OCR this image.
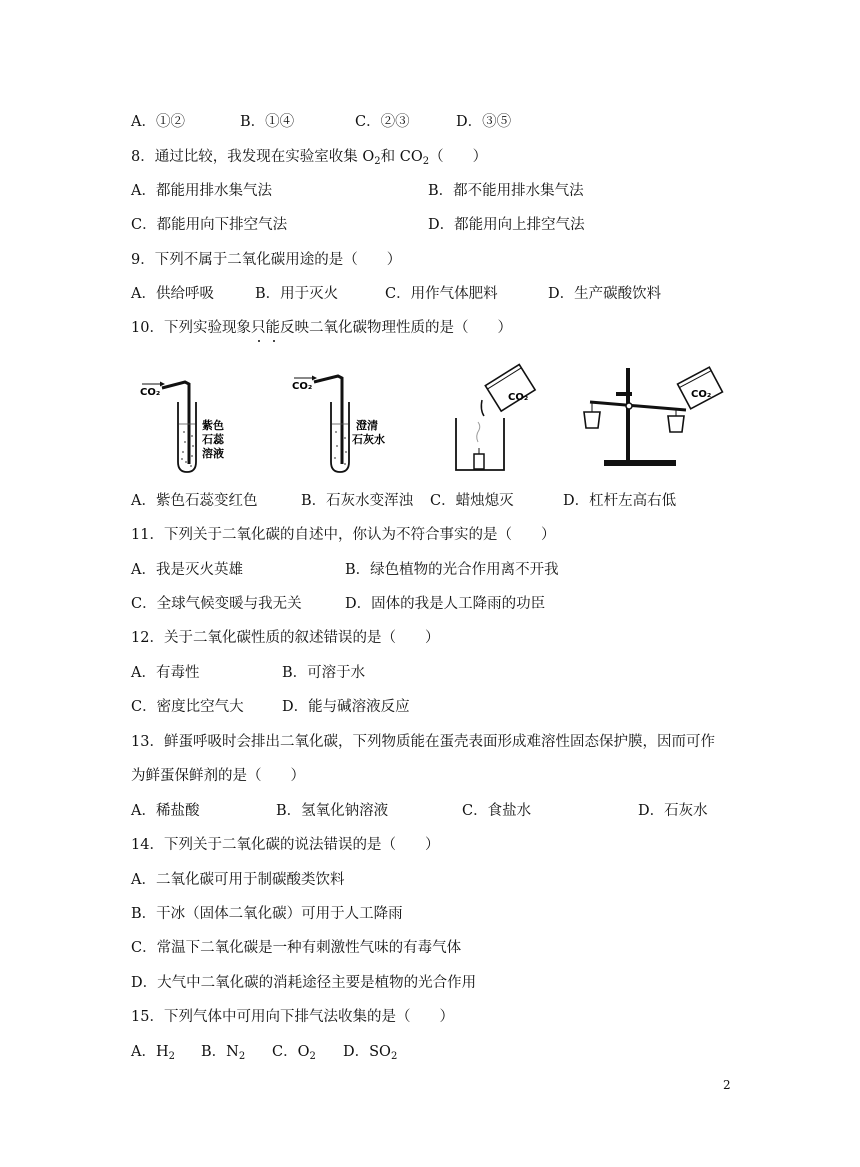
A．①②	B．①④	C．②③	D．③⑤
8．通过比较，我发现在实验室收集 $O_2$和 $CO_2$（　　）
A．都能用排水集气法	B．都不能用排水集气法
C．都能用向下排空气法	D．都能用向上排空气法
9．下列不属于二氧化碳用途的是（　　）
A．供给呼吸	B．用于灭火	C．用作气体肥料	D．生产碳酸饮料
10．下列实验现象只能反映二氧化碳物理性质的是（　　）
CO₂
紫色
石蕊
溶液
CO₂
澄清
石灰水
CO₂	CO₂
A．紫色石蕊变红色	B．石灰水变浑浊 C．蜡烛熄灭	D．杠杆左高右低
11．下列关于二氧化碳的自述中，你认为不符合事实的是（　　）
A．我是灭火英雄	B．绿色植物的光合作用离不开我
C．全球气候变暖与我无关	D．固体的我是人工降雨的功臣
12．关于二氧化碳性质的叙述错误的是（　　）
A．有毒性	B．可溶于水
C．密度比空气大	D．能与碱溶液反应
13．鲜蛋呼吸时会排出二氧化碳，下列物质能在蛋壳表面形成难溶性固态保护膜，因而可作
为鲜蛋保鲜剂的是（　　）
A．稀盐酸	B．氢氧化钠溶液	C．食盐水	D．石灰水
14．下列关于二氧化碳的说法错误的是（　　）
A．二氧化碳可用于制碳酸类饮料
B．干冰（固体二氧化碳）可用于人工降雨
C．常温下二氧化碳是一种有刺激性气味的有毒气体
D．大气中二氧化碳的消耗途径主要是植物的光合作用
15．下列气体中可用向下排气法收集的是（　　）
A．$H_2$ B．$N_2$ C．$O_2$ D．$SO_2$
2
